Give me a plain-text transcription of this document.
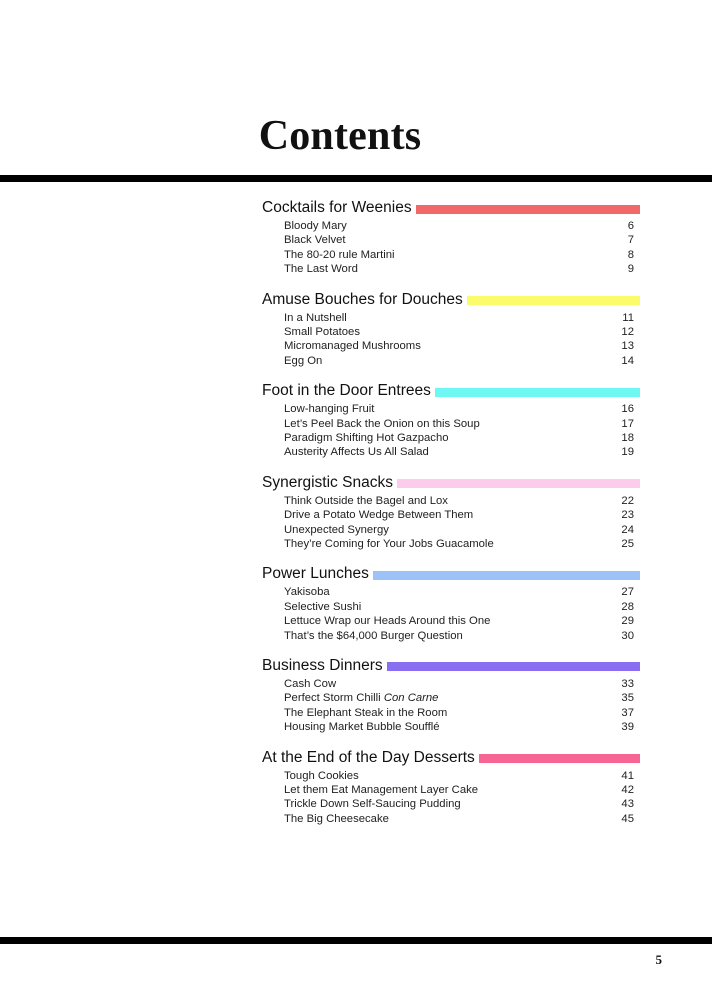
Contents
Cocktails for Weenies
Bloody Mary	6
Black Velvet	7
The 80-20 rule Martini	8
The Last Word	9
Amuse Bouches for Douches
In a Nutshell	11
Small Potatoes	12
Micromanaged Mushrooms	13
Egg On	14
Foot in the Door Entrees
Low-hanging Fruit	16
Let’s Peel Back the Onion on this Soup	17
Paradigm Shifting Hot Gazpacho	18
Austerity Affects Us All Salad	19
Synergistic Snacks
Think Outside the Bagel and Lox	22
Drive a Potato Wedge Between Them	23
Unexpected Synergy	24
They’re Coming for Your Jobs Guacamole	25
Power Lunches
Yakisoba	27
Selective Sushi	28
Lettuce Wrap our Heads Around this One	29
That’s the $64,000 Burger Question	30
Business Dinners
Cash Cow	33
Perfect Storm Chilli Con Carne	35
The Elephant Steak in the Room	37
Housing Market Bubble Soufflé	39
At the End of the Day Desserts
Tough Cookies	41
Let them Eat Management Layer Cake	42
Trickle Down Self-Saucing Pudding	43
The Big Cheesecake	45
5
